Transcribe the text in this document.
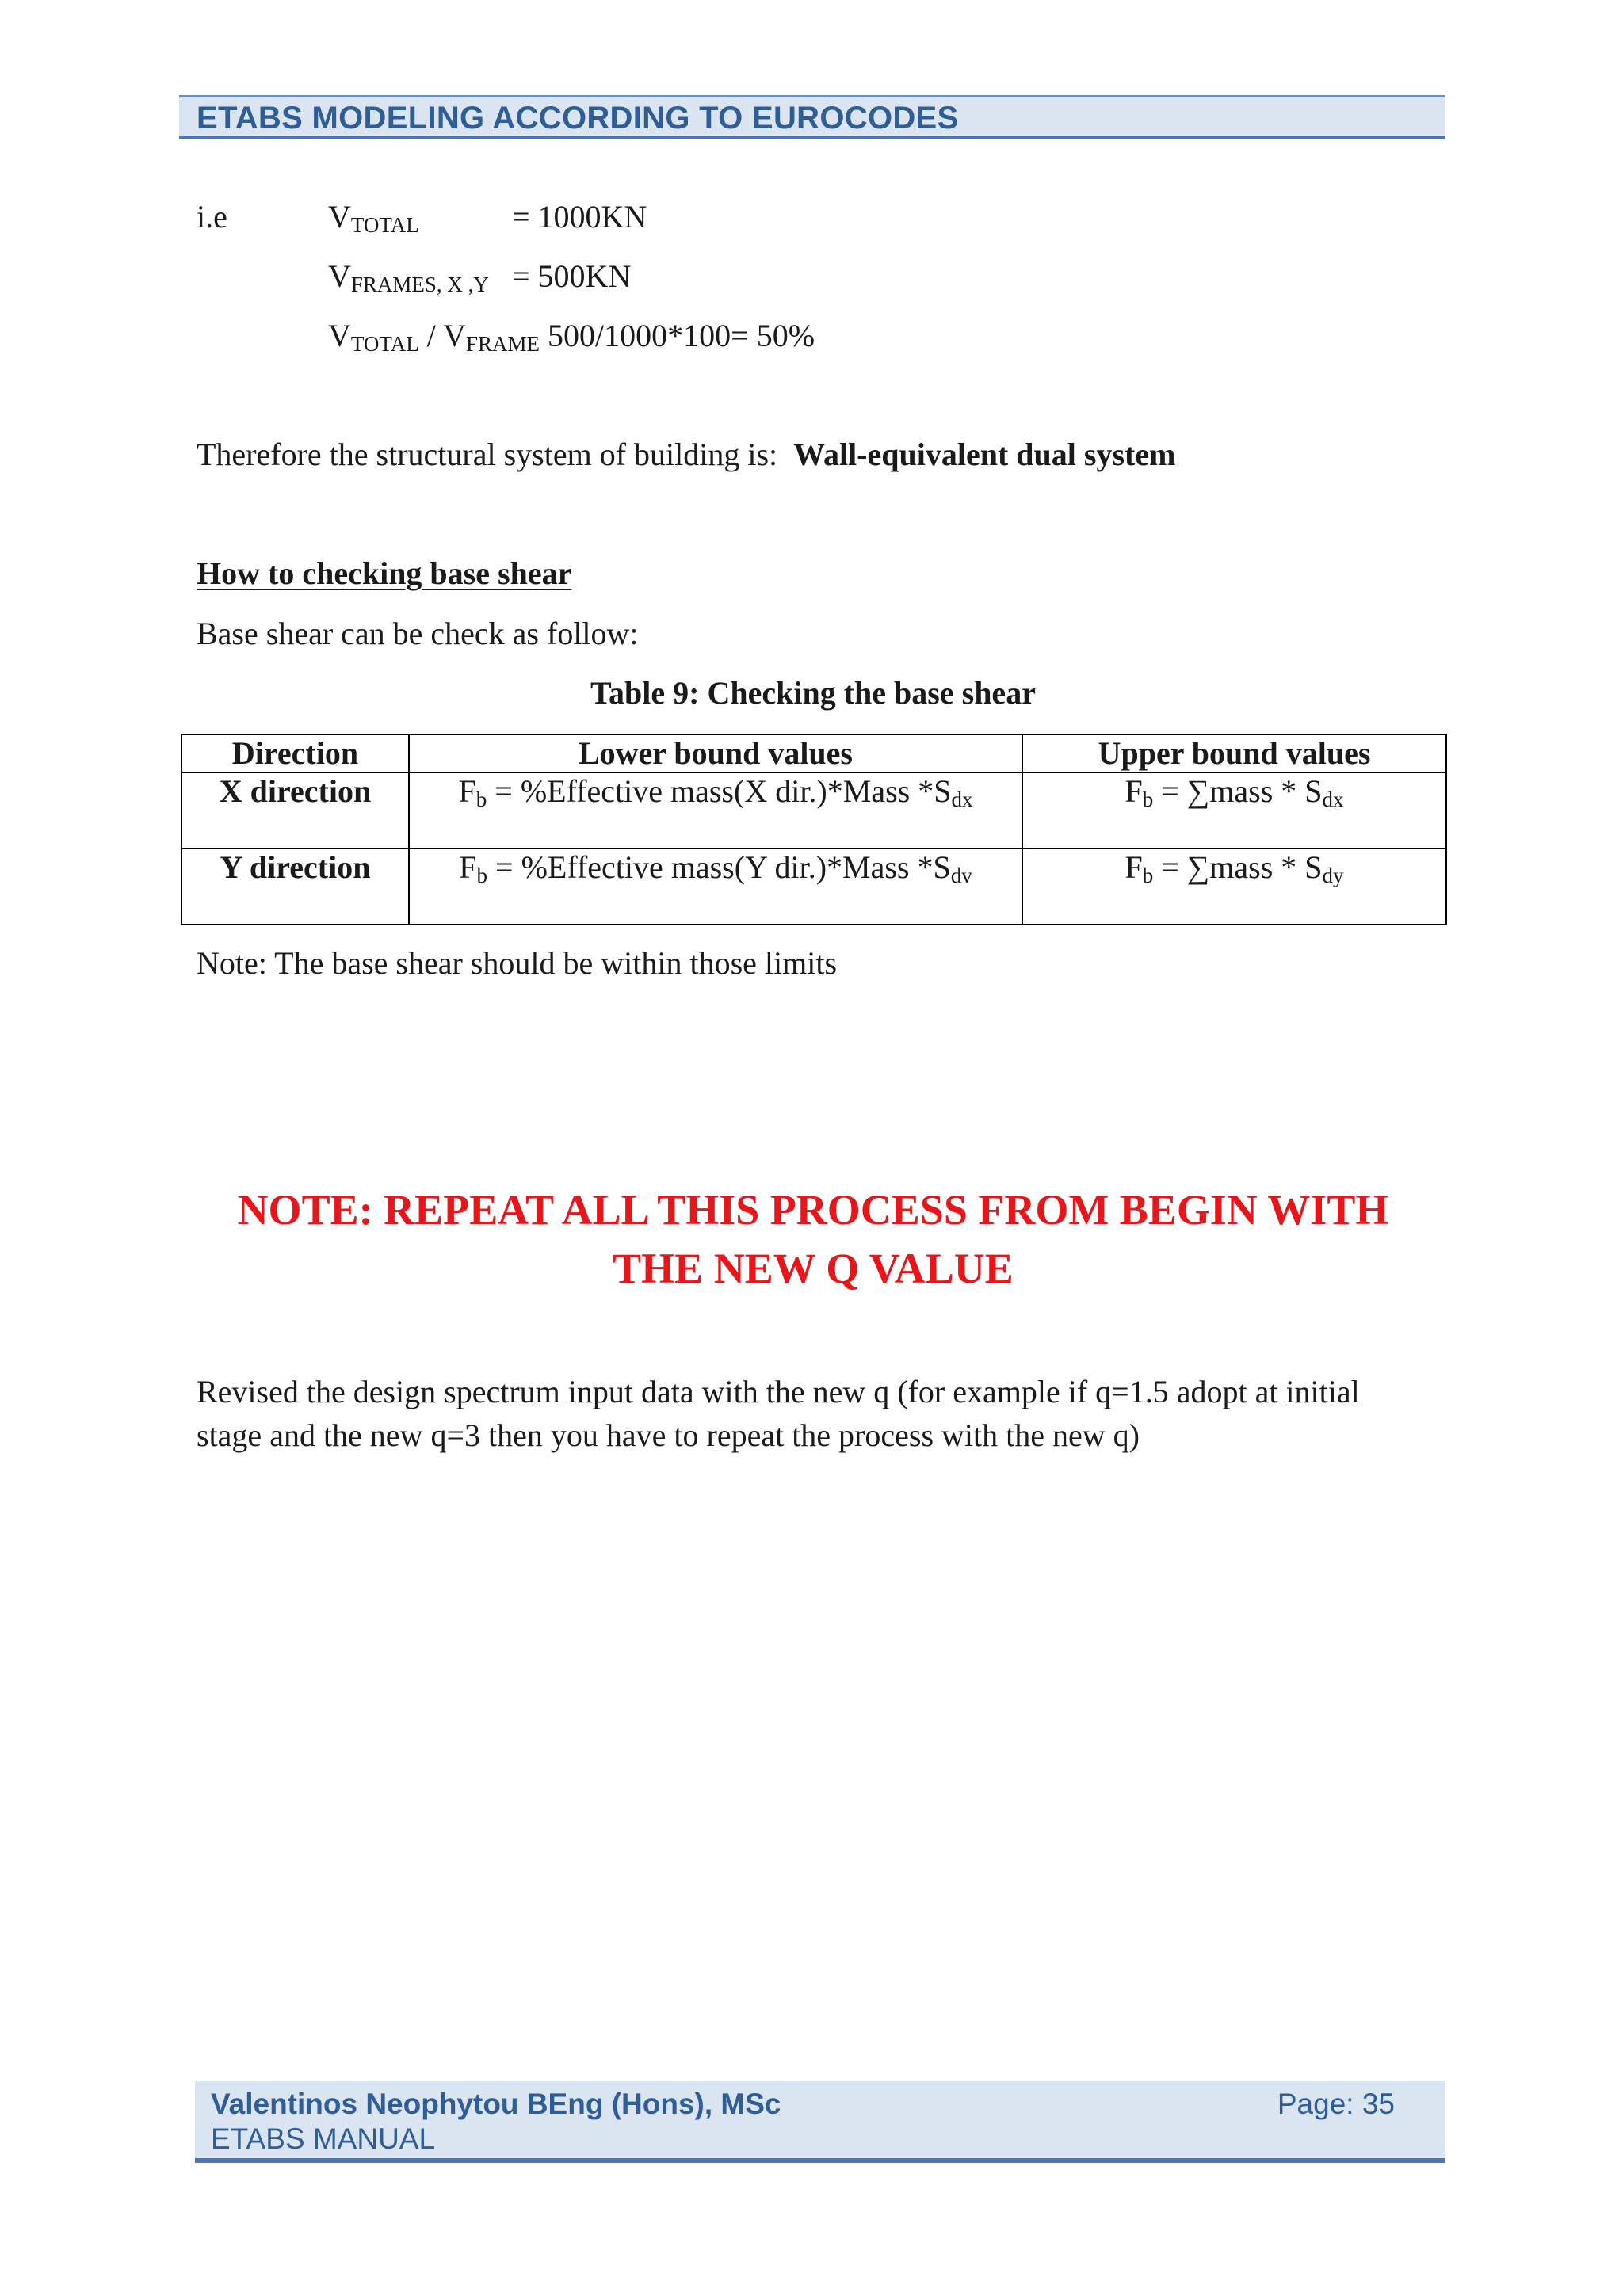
ETABS MODELING ACCORDING TO EUROCODES
i.e	$V_{TOTAL}$	= 1000KN
$V_{FRAMES, X ,Y} = 500KN$
$V_{TOTAL} / V_{FRAME}$ 500/1000*100= 50%
Therefore the structural system of building is: Wall-equivalent dual system
How to checking base shear
Base shear can be check as follow:
Table 9: Checking the base shear
Direction	Lower bound values	Upper bound values
X direction	$F_b$ = %Effective mass(X dir.)*Mass $*S_{dx}$	$F_b$ = ∑mass * $S_{dx}$
Y direction	$F_b$ = %Effective mass(Y dir.)*Mass $*S_{dv}$	$F_b$ = ∑mass * $S_{dy}$
Note: The base shear should be within those limits
NOTE: REPEAT ALL THIS PROCESS FROM BEGIN WITH
THE NEW Q VALUE
Revised the design spectrum input data with the new q (for example if q=1.5 adopt at initial
stage and the new q=3 then you have to repeat the process with the new q)
Valentinos Neophytou BEng (Hons), MSc
ETABS MANUAL
Page: 35
